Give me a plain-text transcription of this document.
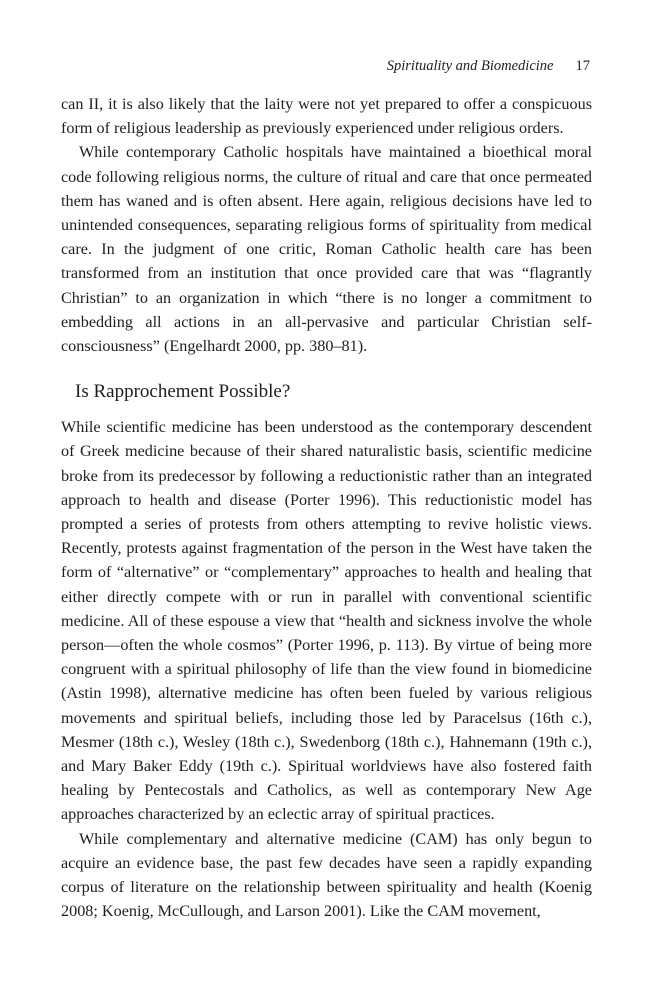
Spirituality and Biomedicine 17

can II, it is also likely that the laity were not yet prepared to offer a conspicuous form of religious leadership as previously experienced under religious orders.

While contemporary Catholic hospitals have maintained a bioethical moral code following religious norms, the culture of ritual and care that once permeated them has waned and is often absent. Here again, religious decisions have led to unintended consequences, separating religious forms of spirituality from medical care. In the judgment of one critic, Roman Catholic health care has been transformed from an institution that once provided care that was “flagrantly Christian” to an organization in which “there is no longer a commitment to embedding all actions in an all-pervasive and particular Christian self-consciousness” (Engelhardt 2000, pp. 380–81).

Is Rapprochement Possible?

While scientific medicine has been understood as the contemporary descendent of Greek medicine because of their shared naturalistic basis, scientific medicine broke from its predecessor by following a reductionistic rather than an integrated approach to health and disease (Porter 1996). This reductionistic model has prompted a series of protests from others attempting to revive holistic views. Recently, protests against fragmentation of the person in the West have taken the form of “alternative” or “complementary” approaches to health and healing that either directly compete with or run in parallel with conventional scientific medicine. All of these espouse a view that “health and sickness involve the whole person—often the whole cosmos” (Porter 1996, p. 113). By virtue of being more congruent with a spiritual philosophy of life than the view found in biomedicine (Astin 1998), alternative medicine has often been fueled by various religious movements and spiritual beliefs, including those led by Paracelsus (16th c.), Mesmer (18th c.), Wesley (18th c.), Swedenborg (18th c.), Hahnemann (19th c.), and Mary Baker Eddy (19th c.). Spiritual worldviews have also fostered faith healing by Pentecostals and Catholics, as well as contemporary New Age approaches characterized by an eclectic array of spiritual practices.

While complementary and alternative medicine (CAM) has only begun to acquire an evidence base, the past few decades have seen a rapidly expanding corpus of literature on the relationship between spirituality and health (Koenig 2008; Koenig, McCullough, and Larson 2001). Like the CAM movement,
